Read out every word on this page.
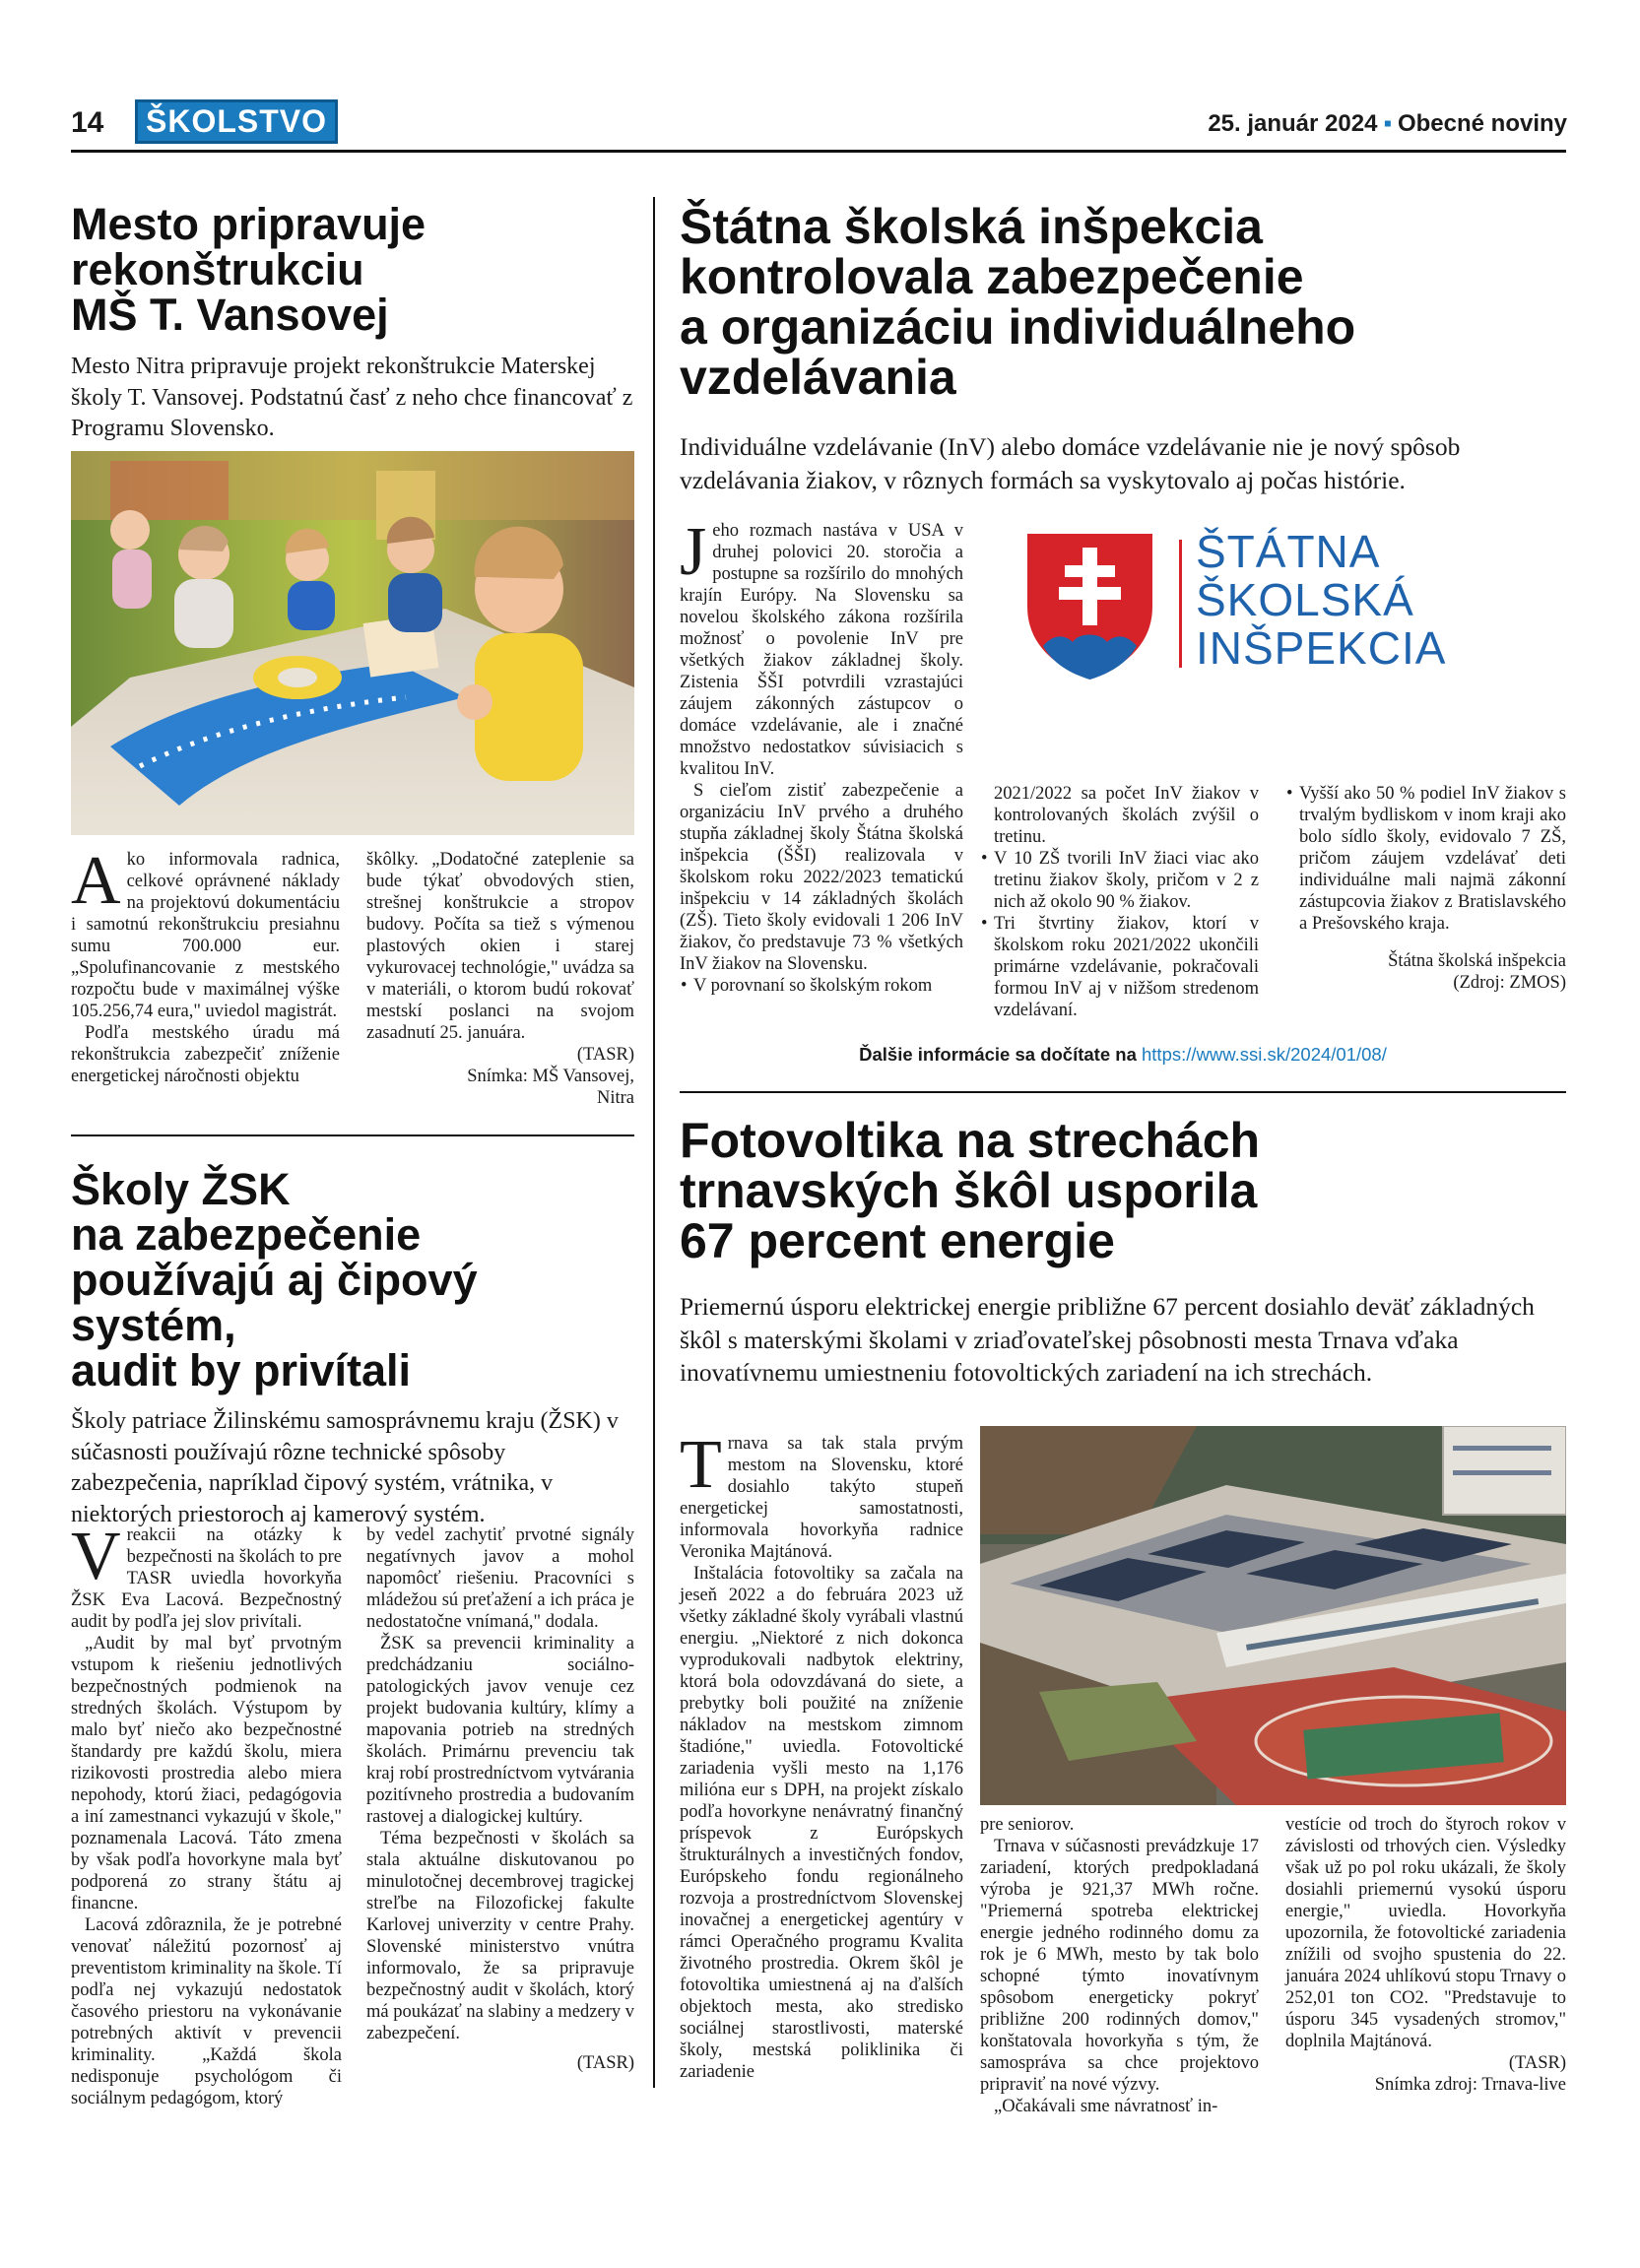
14 ŠKOLSTVO	25. január 2024 ▪ Obecné noviny
Mesto pripravuje
rekonštrukciu
MŠ T. Vansovej
Mesto Nitra pripravuje projekt rekonštrukcie Materskej školy T. Vansovej. Podstatnú časť z neho chce financovať z Programu Slovensko.

Ako informovala radnica, celkové oprávnené náklady na projektovú dokumentáciu i samotnú rekonštrukciu presiahnu sumu 700.000 eur. „Spolufinancovanie z mestského rozpočtu bude v maximálnej výške 105.256,74 eura," uviedol magistrát.

Podľa mestského úradu má rekonštrukcia zabezpečiť zníženie energetickej náročnosti objektu

škôlky. „Dodatočné zateplenie sa bude týkať obvodových stien, strešnej konštrukcie a stropov budovy. Počíta sa tiež s výmenou plastových okien i starej vykurovacej technológie," uvádza sa v materiáli, o ktorom budú rokovať mestskí poslanci na svojom zasadnutí 25. januára.

(TASR)
Snímka: MŠ Vansovej,
Nitra
Školy ŽSK
na zabezpečenie
používajú aj čipový
systém,
audit by privítali
Školy patriace Žilinskému samosprávnemu kraju (ŽSK) v súčasnosti používajú rôzne technické spôsoby zabezpečenia, napríklad čipový systém, vrátnika, v niektorých priestoroch aj kamerový systém.

Vreakcii na otázky k bezpečnosti na školách to pre TASR uviedla hovorkyňa ŽSK Eva Lacová. Bezpečnostný audit by podľa jej slov privítali.

„Audit by mal byť prvotným vstupom k riešeniu jednotlivých bezpečnostných podmienok na stredných školách. Výstupom by malo byť niečo ako bezpečnostné štandardy pre každú školu, miera rizikovosti prostredia alebo miera nepohody, ktorú žiaci, pedagógovia a iní zamestnanci vykazujú v škole," poznamenala Lacová. Táto zmena by však podľa hovorkyne mala byť podporená zo strany štátu aj financne.

Lacová zdôraznila, že je potrebné venovať náležitú pozornosť aj preventistom kriminality na škole. Tí podľa nej vykazujú nedostatok časového priestoru na vykonávanie potrebných aktivít v prevencii kriminality. „Každá škola nedisponuje psychológom či sociálnym pedagógom, ktorý

by vedel zachytiť prvotné signály negatívnych javov a mohol napomôcť riešeniu. Pracovníci s mládežou sú preťažení a ich práca je nedostatočne vnímaná," dodala.

ŽSK sa prevencii kriminality a predchádzaniu sociálno-patologických javov venuje cez projekt budovania kultúry, klímy a mapovania potrieb na stredných školách. Primárnu prevenciu tak kraj robí prostredníctvom vytvárania pozitívneho prostredia a budovaním rastovej a dialogickej kultúry.

Téma bezpečnosti v školách sa stala aktuálne diskutovanou po minulotočnej decembrovej tragickej streľbe na Filozofickej fakulte Karlovej univerzity v centre Prahy. Slovenské ministerstvo vnútra informovalo, že sa pripravuje bezpečnostný audit v školách, ktorý má poukázať na slabiny a medzery v zabezpečení.

(TASR)
Štátna školská inšpekcia
kontrolovala zabezpečenie
a organizáciu individuálneho
vzdelávania
Individuálne vzdelávanie (InV) alebo domáce vzdelávanie nie je nový spôsob vzdelávania žiakov, v rôznych formách sa vyskytovalo aj počas histórie.
ŠTÁTNA
ŠKOLSKÁ
INŠPEKCIA

Jeho rozmach nastáva v USA v druhej polovici 20. storočia a postupne sa rozšírilo do mnohých krajín Európy. Na Slovensku sa novelou školského zákona rozšírila možnosť o povolenie InV pre všetkých žiakov základnej školy. Zistenia ŠŠI potvrdili vzrastajúci záujem zákonných zástupcov o domáce vzdelávanie, ale i značné množstvo nedostatkov súvisiacich s kvalitou InV.

S cieľom zistiť zabezpečenie a organizáciu InV prvého a druhého stupňa základnej školy Štátna školská inšpekcia (ŠŠI) realizovala v školskom roku 2022/2023 tematickú inšpekciu v 14 základných školách (ZŠ). Tieto školy evidovali 1 206 InV žiakov, čo predstavuje 73 % všetkých InV žiakov na Slovensku.

• V porovnaní so školským rokom

2021/2022 sa počet InV žiakov v kontrolovaných školách zvýšil o tretinu.

• V 10 ZŠ tvorili InV žiaci viac ako tretinu žiakov školy, pričom v 2 z nich až okolo 90 % žiakov.
• Tri štvrtiny žiakov, ktorí v školskom roku 2021/2022 ukončili primárne vzdelávanie, pokračovali formou InV aj v nižšom stredenom vzdelávaní.
• Vyšší ako 50 % podiel InV žiakov s trvalým bydliskom v inom kraji ako bolo sídlo školy, evidovalo 7 ZŠ, pričom záujem vzdelávať deti individuálne mali najmä zákonní zástupcovia žiakov z Bratislavského a Prešovského kraja.
Štátna školská inšpekcia
(Zdroj: ZMOS)
Ďalšie informácie sa dočítate na https://www.ssi.sk/2024/01/08/
Fotovoltika na strechách
trnavských škôl usporila
67 percent energie
Priemernú úsporu elektrickej energie približne 67 percent dosiahlo deväť základných škôl s materskými školami v zriaďovateľskej pôsobnosti mesta Trnava vďaka inovatívnemu umiestneniu fotovoltických zariadení na ich strechách.

Trnava sa tak stala prvým mestom na Slovensku, ktoré dosiahlo takýto stupeň energetickej samostatnosti, informovala hovorkyňa radnice Veronika Majtánová.

Inštalácia fotovoltiky sa začala na jeseň 2022 a do februára 2023 už všetky základné školy vyrábali vlastnú energiu. „Niektoré z nich dokonca vyprodukovali nadbytok elektriny, ktorá bola odovzdávaná do siete, a prebytky boli použité na zníženie nákladov na mestskom zimnom štadióne," uviedla. Fotovoltické zariadenia vyšli mesto na 1,176 milióna eur s DPH, na projekt získalo podľa hovorkyne nenávratný finančný príspevok z Európskych štrukturálnych a investičných fondov, Európskeho fondu regionálneho rozvoja a prostredníctvom Slovenskej inovačnej a energetickej agentúry v rámci Operačného programu Kvalita životného prostredia. Okrem škôl je fotovoltika umiestnená aj na ďalších objektoch mesta, ako stredisko sociálnej starostlivosti, materské školy, mestská poliklinika či zariadenie

pre seniorov.

Trnava v súčasnosti prevádzkuje 17 zariadení, ktorých predpokladaná výroba je 921,37 MWh ročne. "Priemerná spotreba elektrickej energie jedného rodinného domu za rok je 6 MWh, mesto by tak bolo schopné týmto inovatívnym spôsobom energeticky pokryť približne 200 rodinných domov," konštatovala hovorkyňa s tým, že samospráva sa chce projektovo pripraviť na nové výzvy.

„Očakávali sme návratnosť in-

vestície od troch do štyroch rokov v závislosti od trhových cien. Výsledky však už po pol roku ukázali, že školy dosiahli priemernú vysokú úsporu energie," uviedla. Hovorkyňa upozornila, že fotovoltické zariadenia znížili od svojho spustenia do 22. januára 2024 uhlíkovú stopu Trnavy o 252,01 ton CO2. "Predstavuje to úsporu 345 vysadených stromov," doplnila Majtánová.

(TASR)
Snímka zdroj: Trnava-live
